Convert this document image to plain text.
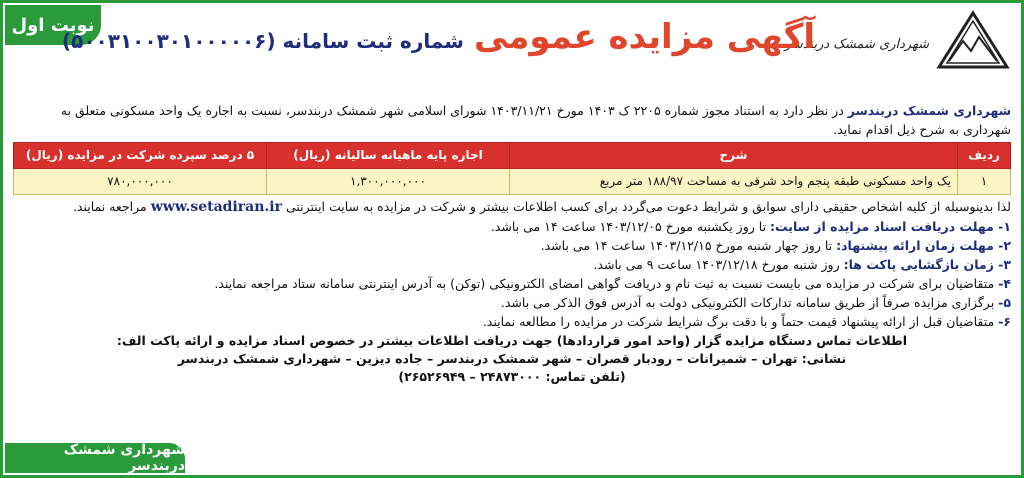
نوبت اول
شهرداری شمشک دربندسر
آگهی مزایده عمومی
شماره ثبت سامانه (۵۰۰۳۱۰۰۳۰۱۰۰۰۰۰۶)

شهرداری شمشک دربندسر در نظر دارد به استناد مجوز شماره ۲۲۰۵ ک ۱۴۰۳ مورخ ۱۴۰۳/۱۱/۲۱ شورای اسلامی شهر شمشک دربندسر، نسبت به اجاره یک واحد مسکونی متعلق به شهرداری به شرح ذیل اقدام نماید.

ردیف	شرح	اجاره پایه ماهیانه سالیانه (ریال)	۵ درصد سپرده شرکت در مزایده (ریال)
۱	یک واحد مسکونی طبقه پنجم واحد شرقی به مساحت ۱۸۸/۹۷ متر مربع	۱,۳۰۰,۰۰۰,۰۰۰	۷۸۰,۰۰۰,۰۰۰

لذا بدینوسیله از کلیه اشخاص حقیقی دارای سوابق و شرایط دعوت می‌گردد برای کسب اطلاعات بیشتر و شرکت در مزایده به سایت اینترنتی www.setadiran.ir مراجعه نمایند.

۱- مهلت دریافت اسناد مزایده از سایت: تا روز یکشنبه مورخ ۱۴۰۳/۱۲/۰۵ ساعت ۱۴ می باشد.

۲- مهلت زمان ارائه پیشنهاد: تا روز چهار شنبه مورخ ۱۴۰۳/۱۲/۱۵ ساعت ۱۴ می باشد.

۳- زمان بازگشایی پاکت ها: روز شنبه مورخ ۱۴۰۳/۱۲/۱۸ ساعت ۹ می باشد.

۴- متقاضیان برای شرکت در مزایده می بایست نسبت به ثبت نام و دریافت گواهی امضای الکترونیکی (توکن) به آدرس اینترنتی سامانه ستاد مراجعه نمایند.

۵- برگزاری مزایده صرفاً از طریق سامانه تدارکات الکترونیکی دولت به آدرس فوق الذکر می باشد.

۶- متقاضیان قبل از ارائه پیشنهاد قیمت حتماً و با دقت برگ شرایط شرکت در مزایده را مطالعه نمایند.

اطلاعات تماس دستگاه مزایده گزار (واحد امور قراردادها) جهت دریافت اطلاعات بیشتر در خصوص اسناد مزایده و ارائه پاکت الف:
نشانی: تهران – شمیرانات – رودبار قصران – شهر شمشک دربندسر – جاده دیزین – شهرداری شمشک دربندسر
(تلفن تماس: ۲۴۸۷۳۰۰۰ – ۲۶۵۲۶۹۴۹)
شهرداری شمشک دربندسر
